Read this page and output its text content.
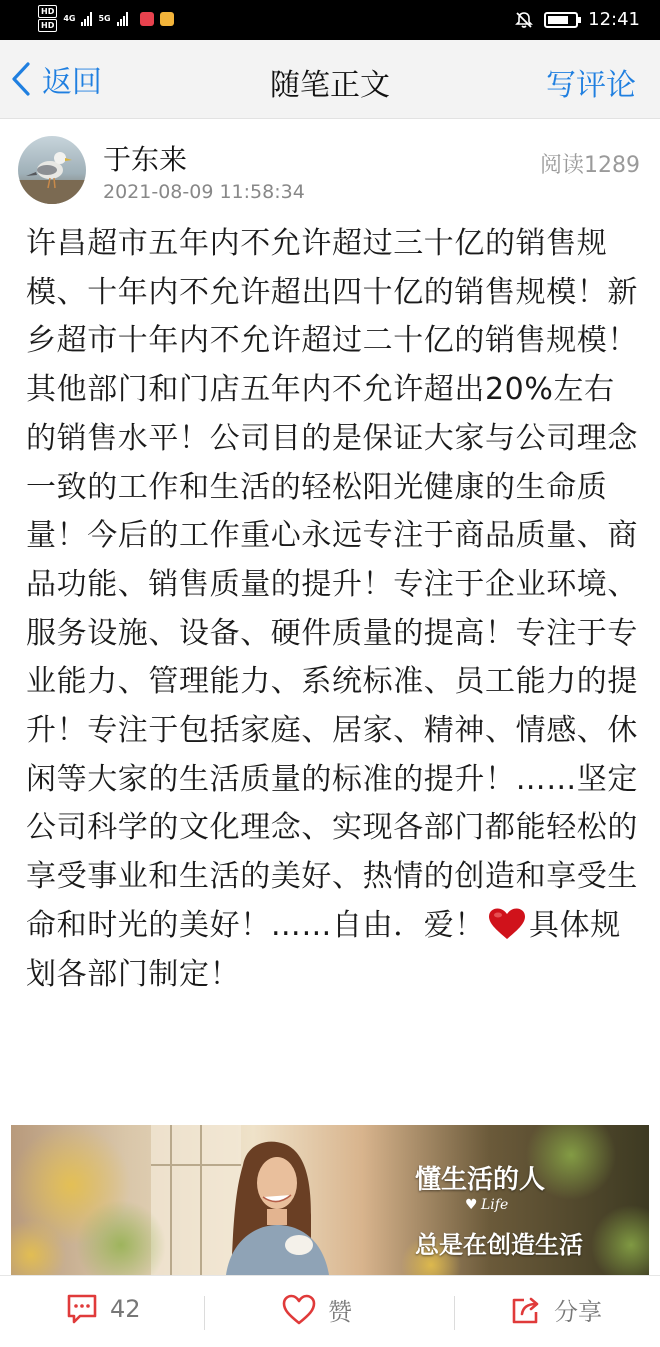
HD
HD
4G	5G	12:41
返回	随笔正文	写评论
于东来
2021-08-09 11:58:34
阅读1289
许昌超市五年内不允许超过三十亿的销售规模、十年内不允许超出四十亿的销售规模！新乡超市十年内不允许超过二十亿的销售规模！其他部门和门店五年内不允许超出20%左右的销售水平！公司目的是保证大家与公司理念一致的工作和生活的轻松阳光健康的生命质量！今后的工作重心永远专注于商品质量、商品功能、销售质量的提升！专注于企业环境、服务设施、设备、硬件质量的提高！专注于专业能力、管理能力、系统标准、员工能力的提升！专注于包括家庭、居家、精神、情感、休闲等大家的生活质量的标准的提升！……坚定公司科学的文化理念、实现各部门都能轻松的享受事业和生活的美好、热情的创造和享受生命和时光的美好！……自由．爱！ 具体规划各部门制定！
懂生活的人
♥ Life
总是在创造生活
42	赞	分享
